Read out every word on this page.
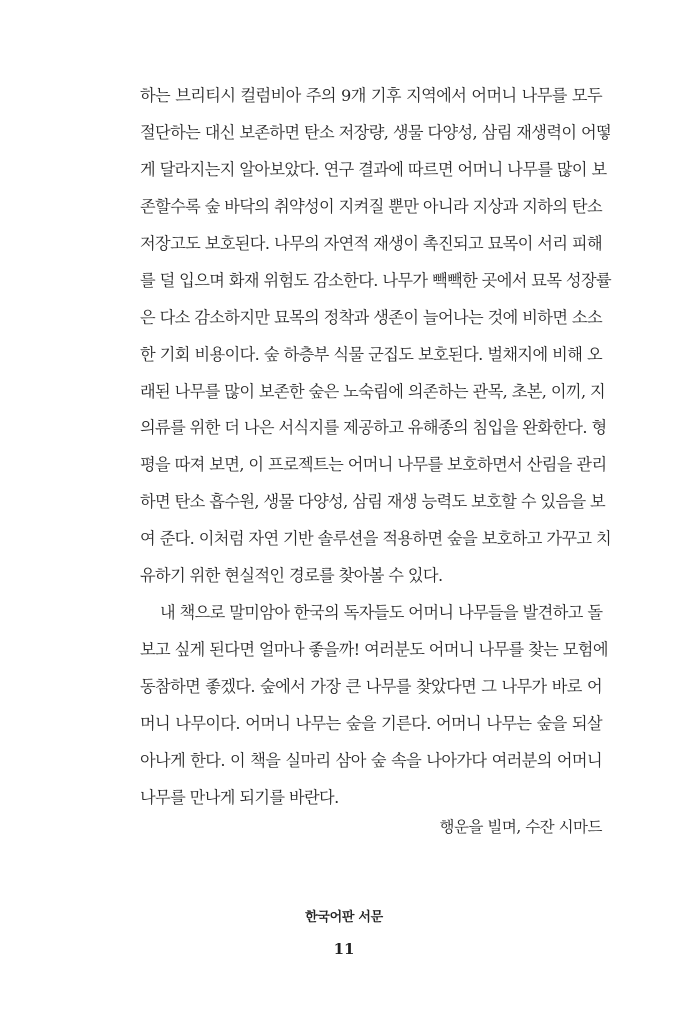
하는 브리티시 컬럼비아 주의 9개 기후 지역에서 어머니 나무를 모두
절단하는 대신 보존하면 탄소 저장량, 생물 다양성, 삼림 재생력이 어떻
게 달라지는지 알아보았다. 연구 결과에 따르면 어머니 나무를 많이 보
존할수록 숲 바닥의 취약성이 지켜질 뿐만 아니라 지상과 지하의 탄소
저장고도 보호된다. 나무의 자연적 재생이 촉진되고 묘목이 서리 피해
를 덜 입으며 화재 위험도 감소한다. 나무가 빽빽한 곳에서 묘목 성장률
은 다소 감소하지만 묘목의 정착과 생존이 늘어나는 것에 비하면 소소
한 기회 비용이다. 숲 하층부 식물 군집도 보호된다. 벌채지에 비해 오
래된 나무를 많이 보존한 숲은 노숙림에 의존하는 관목, 초본, 이끼, 지
의류를 위한 더 나은 서식지를 제공하고 유해종의 침입을 완화한다. 형
평을 따져 보면, 이 프로젝트는 어머니 나무를 보호하면서 산림을 관리
하면 탄소 흡수원, 생물 다양성, 삼림 재생 능력도 보호할 수 있음을 보
여 준다. 이처럼 자연 기반 솔루션을 적용하면 숲을 보호하고 가꾸고 치
유하기 위한 현실적인 경로를 찾아볼 수 있다.
내 책으로 말미암아 한국의 독자들도 어머니 나무들을 발견하고 돌
보고 싶게 된다면 얼마나 좋을까! 여러분도 어머니 나무를 찾는 모험에
동참하면 좋겠다. 숲에서 가장 큰 나무를 찾았다면 그 나무가 바로 어
머니 나무이다. 어머니 나무는 숲을 기른다. 어머니 나무는 숲을 되살
아나게 한다. 이 책을 실마리 삼아 숲 속을 나아가다 여러분의 어머니
나무를 만나게 되기를 바란다.
행운을 빌며, 수잔 시마드
한국어판 서문
11
